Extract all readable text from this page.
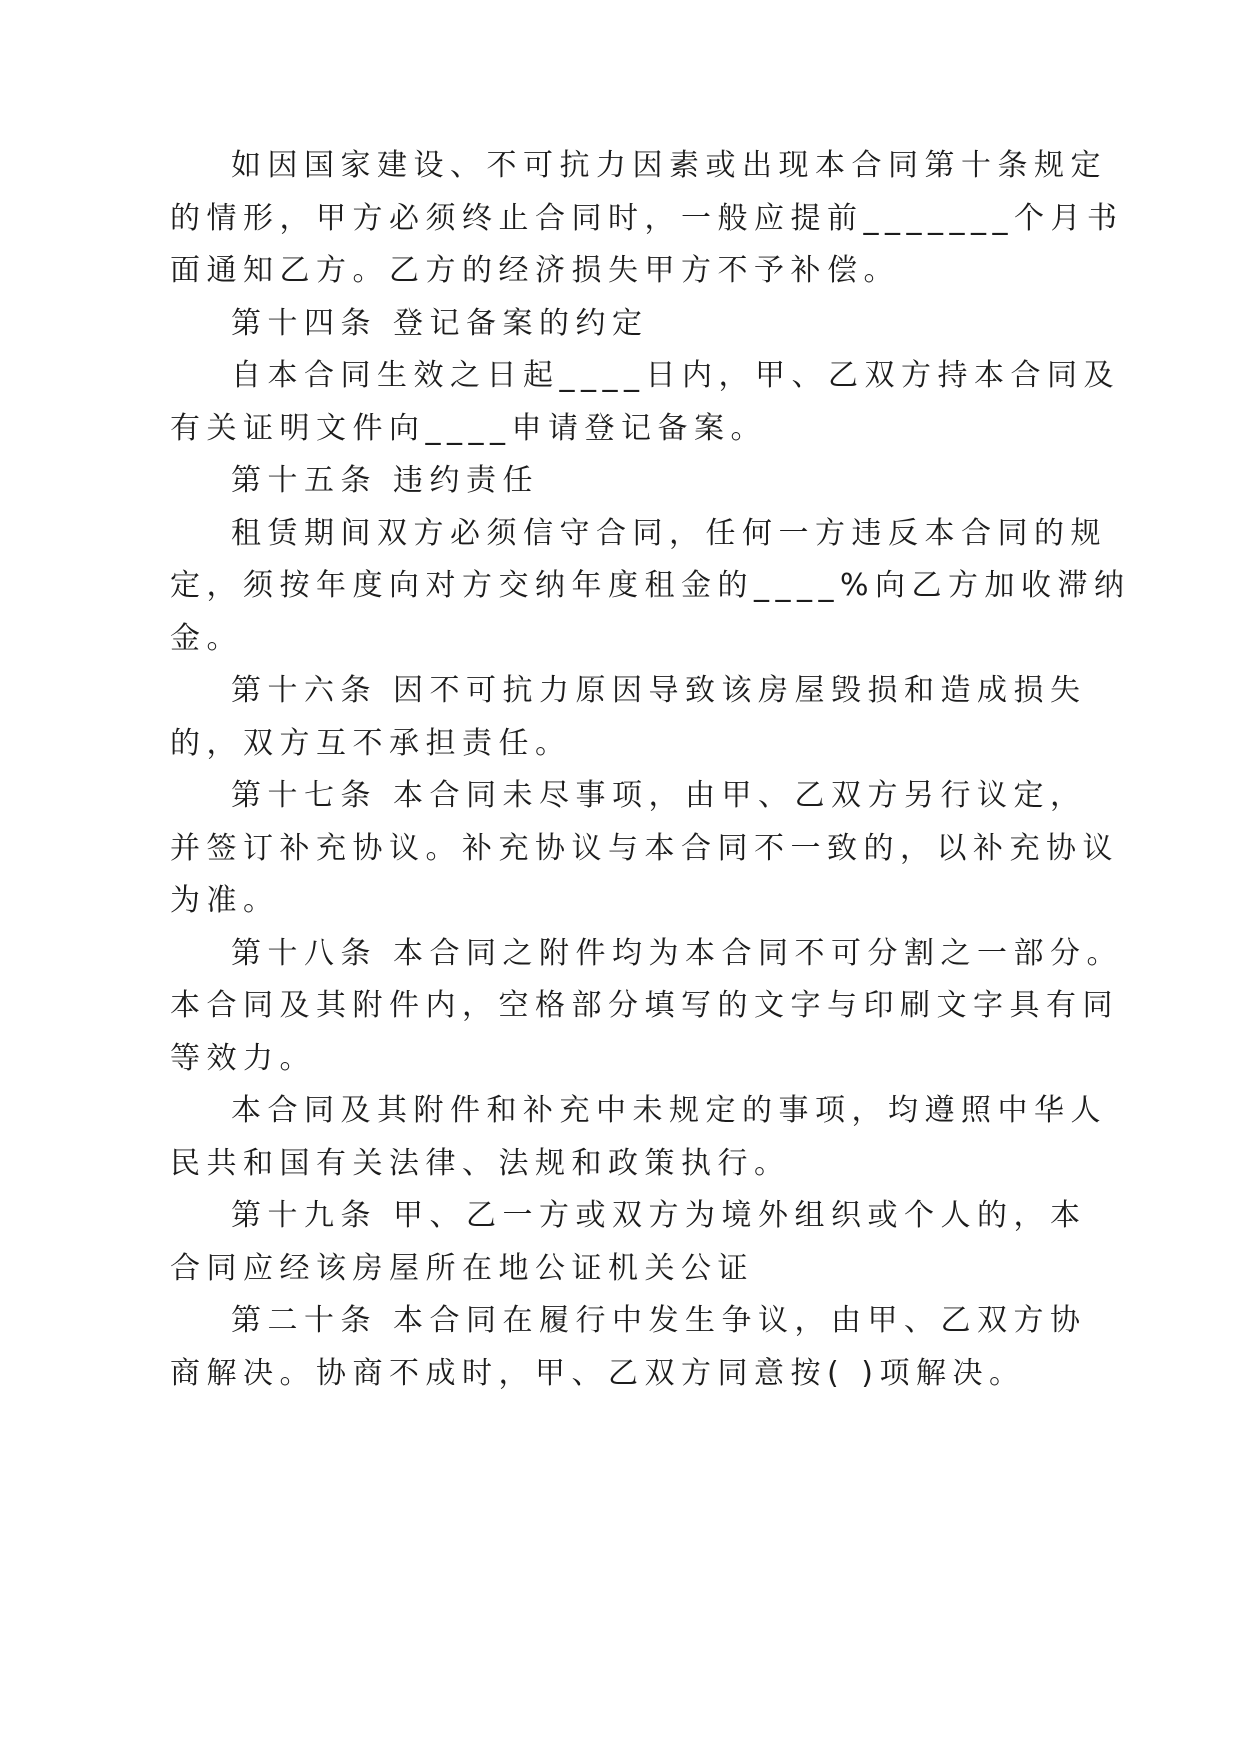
如因国家建设、不可抗力因素或出现本合同第十条规定
的情形，甲方必须终止合同时，一般应提前_______个月书
面通知乙方。乙方的经济损失甲方不予补偿。
第十四条 登记备案的约定
自本合同生效之日起____日内，甲、乙双方持本合同及
有关证明文件向____申请登记备案。
第十五条 违约责任
租赁期间双方必须信守合同，任何一方违反本合同的规
定，须按年度向对方交纳年度租金的____%向乙方加收滞纳
金。
第十六条 因不可抗力原因导致该房屋毁损和造成损失
的，双方互不承担责任。
第十七条 本合同未尽事项，由甲、乙双方另行议定，
并签订补充协议。补充协议与本合同不一致的，以补充协议
为准。
第十八条 本合同之附件均为本合同不可分割之一部分。
本合同及其附件内，空格部分填写的文字与印刷文字具有同
等效力。
本合同及其附件和补充中未规定的事项，均遵照中华人
民共和国有关法律、法规和政策执行。
第十九条 甲、乙一方或双方为境外组织或个人的，本
合同应经该房屋所在地公证机关公证
第二十条 本合同在履行中发生争议，由甲、乙双方协
商解决。协商不成时，甲、乙双方同意按( )项解决。
